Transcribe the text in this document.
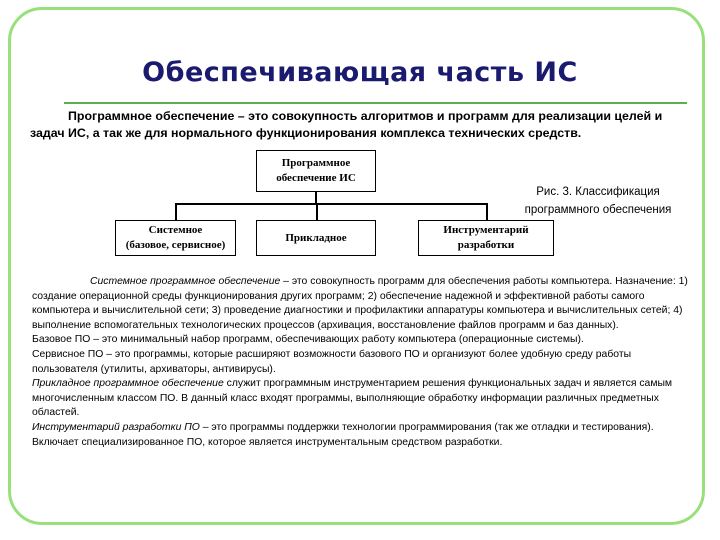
Обеспечивающая часть ИС
Программное обеспечение – это совокупность алгоритмов и программ для реализации целей и задач ИС, а так же для нормального функционирования комплекса технических средств.
Программное
обеспечение ИС
Системное
(базовое, сервисное)
Прикладное
Инструментарий
разработки
Рис. 3. Классификация
программного обеспечения

Системное программное обеспечение – это совокупность программ для обеспечения работы компьютера. Назначение: 1) создание операционной среды функционирования других программ; 2) обеспечение надежной и эффективной работы самого компьютера и вычислительной сети; 3) проведение диагностики и профилактики аппаратуры компьютера и вычислительных сетей; 4) выполнение вспомогательных технологических процессов (архивация, восстановление файлов программ и баз данных).

Базовое ПО – это минимальный набор программ, обеспечивающих работу компьютера (операционные системы).

Сервисное ПО – это программы, которые расширяют возможности базового ПО и организуют более удобную среду работы пользователя (утилиты, архиваторы, антивирусы).

Прикладное программное обеспечение служит программным инструментарием решения функциональных задач и является самым многочисленным классом ПО. В данный класс входят программы, выполняющие обработку информации различных предметных областей.

Инструментарий разработки ПО – это программы поддержки технологии программирования (так же отладки и тестирования). Включает специализированное ПО, которое является инструментальным средством разработки.
